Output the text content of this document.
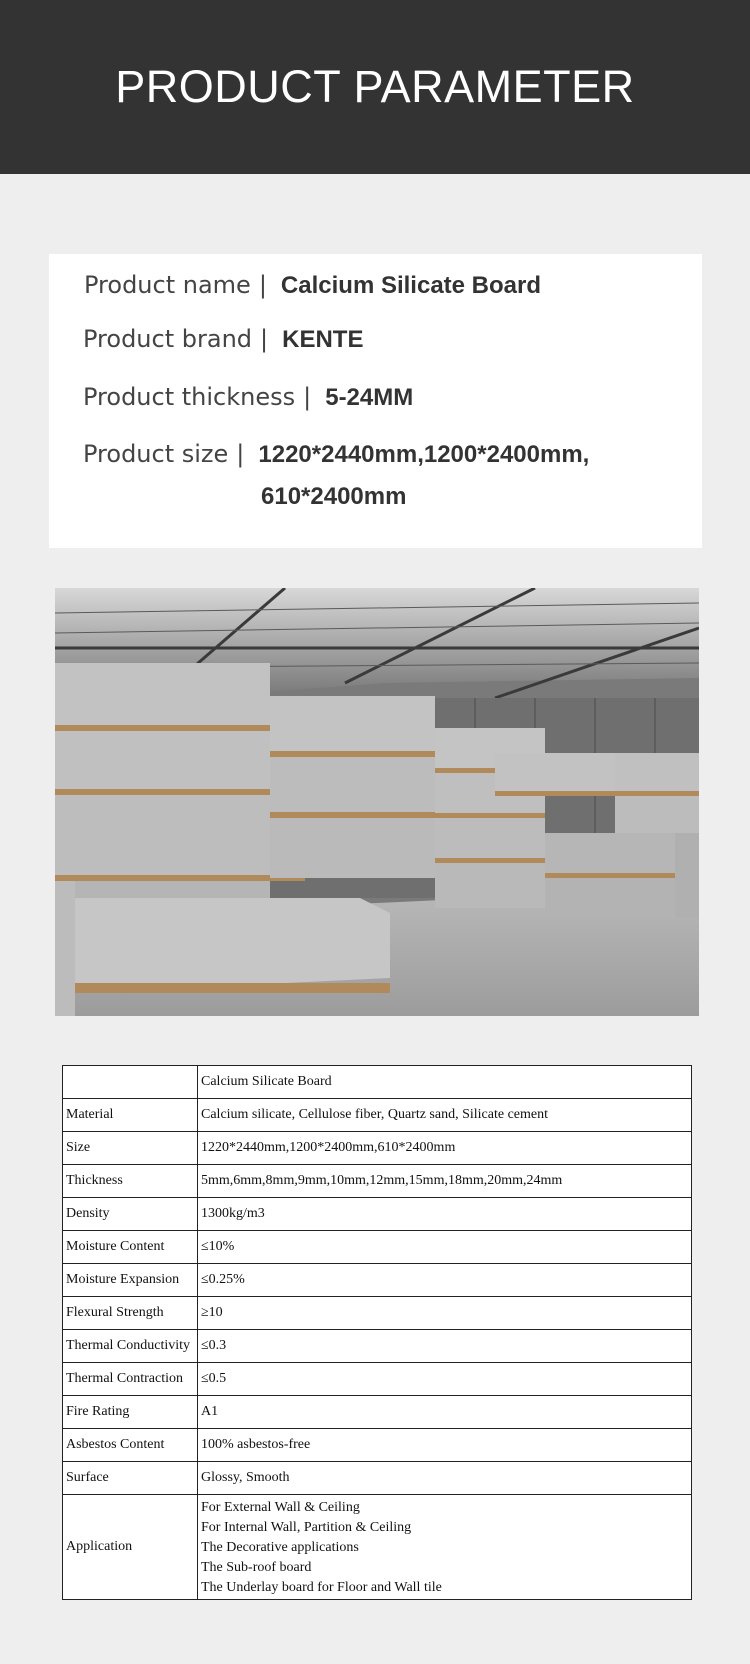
PRODUCT PARAMETER
Product name | Calcium Silicate Board
Product brand | KENTE
Product thickness | 5-24MM
Product size | 1220*2440mm,1200*2400mm,
610*2400mm
	Calcium Silicate Board
Material	Calcium silicate, Cellulose fiber, Quartz sand, Silicate cement
Size	1220*2440mm,1200*2400mm,610*2400mm
Thickness	5mm,6mm,8mm,9mm,10mm,12mm,15mm,18mm,20mm,24mm
Density	1300kg/m3
Moisture Content	≤10%
Moisture Expansion	≤0.25%
Flexural Strength	≥10
Thermal Conductivity	≤0.3
Thermal Contraction	≤0.5
Fire Rating	A1
Asbestos Content	100% asbestos-free
Surface	Glossy, Smooth
Application	For External Wall & Ceiling
For Internal Wall, Partition & Ceiling
The Decorative applications
The Sub-roof board
The Underlay board for Floor and Wall tile
